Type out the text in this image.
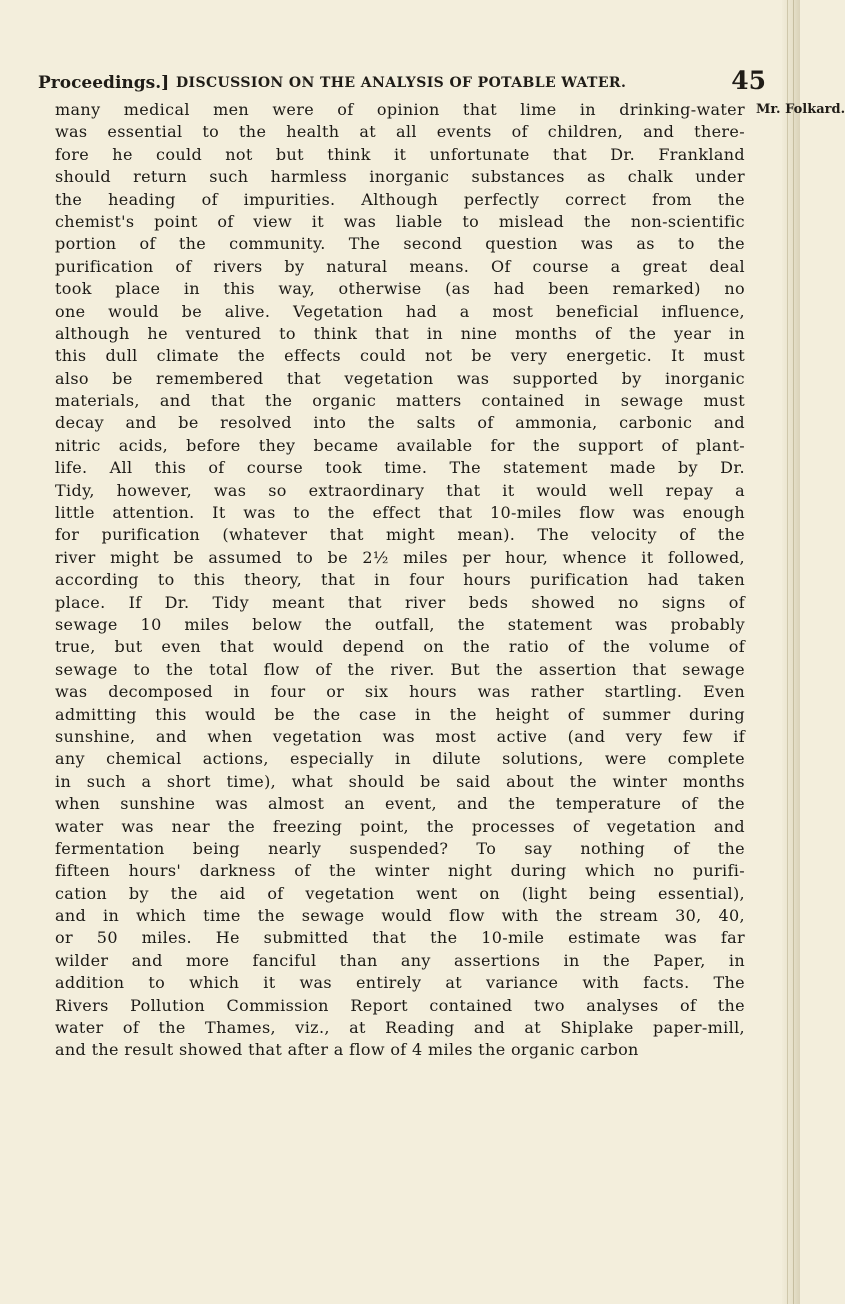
Proceedings.] DISCUSSION ON THE ANALYSIS OF POTABLE WATER.	45
Mr. Folkard.
many medical men were of opinion that lime in drinking-water
was essential to the health at all events of children, and there-
fore he could not but think it unfortunate that Dr. Frankland
should return such harmless inorganic substances as chalk under
the heading of impurities. Although perfectly correct from the
chemist's point of view it was liable to mislead the non-scientific
portion of the community. The second question was as to the
purification of rivers by natural means. Of course a great deal
took place in this way, otherwise (as had been remarked) no
one would be alive. Vegetation had a most beneficial influence,
although he ventured to think that in nine months of the year in
this dull climate the effects could not be very energetic. It must
also be remembered that vegetation was supported by inorganic
materials, and that the organic matters contained in sewage must
decay and be resolved into the salts of ammonia, carbonic and
nitric acids, before they became available for the support of plant-
life. All this of course took time. The statement made by Dr.
Tidy, however, was so extraordinary that it would well repay a
little attention. It was to the effect that 10-miles flow was enough
for purification (whatever that might mean). The velocity of the
river might be assumed to be 2½ miles per hour, whence it followed,
according to this theory, that in four hours purification had taken
place. If Dr. Tidy meant that river beds showed no signs of
sewage 10 miles below the outfall, the statement was probably
true, but even that would depend on the ratio of the volume of
sewage to the total flow of the river. But the assertion that sewage
was decomposed in four or six hours was rather startling. Even
admitting this would be the case in the height of summer during
sunshine, and when vegetation was most active (and very few if
any chemical actions, especially in dilute solutions, were complete
in such a short time), what should be said about the winter months
when sunshine was almost an event, and the temperature of the
water was near the freezing point, the processes of vegetation and
fermentation being nearly suspended? To say nothing of the
fifteen hours' darkness of the winter night during which no purifi-
cation by the aid of vegetation went on (light being essential),
and in which time the sewage would flow with the stream 30, 40,
or 50 miles. He submitted that the 10-mile estimate was far
wilder and more fanciful than any assertions in the Paper, in
addition to which it was entirely at variance with facts. The
Rivers Pollution Commission Report contained two analyses of the
water of the Thames, viz., at Reading and at Shiplake paper-mill,
and the result showed that after a flow of 4 miles the organic carbon
